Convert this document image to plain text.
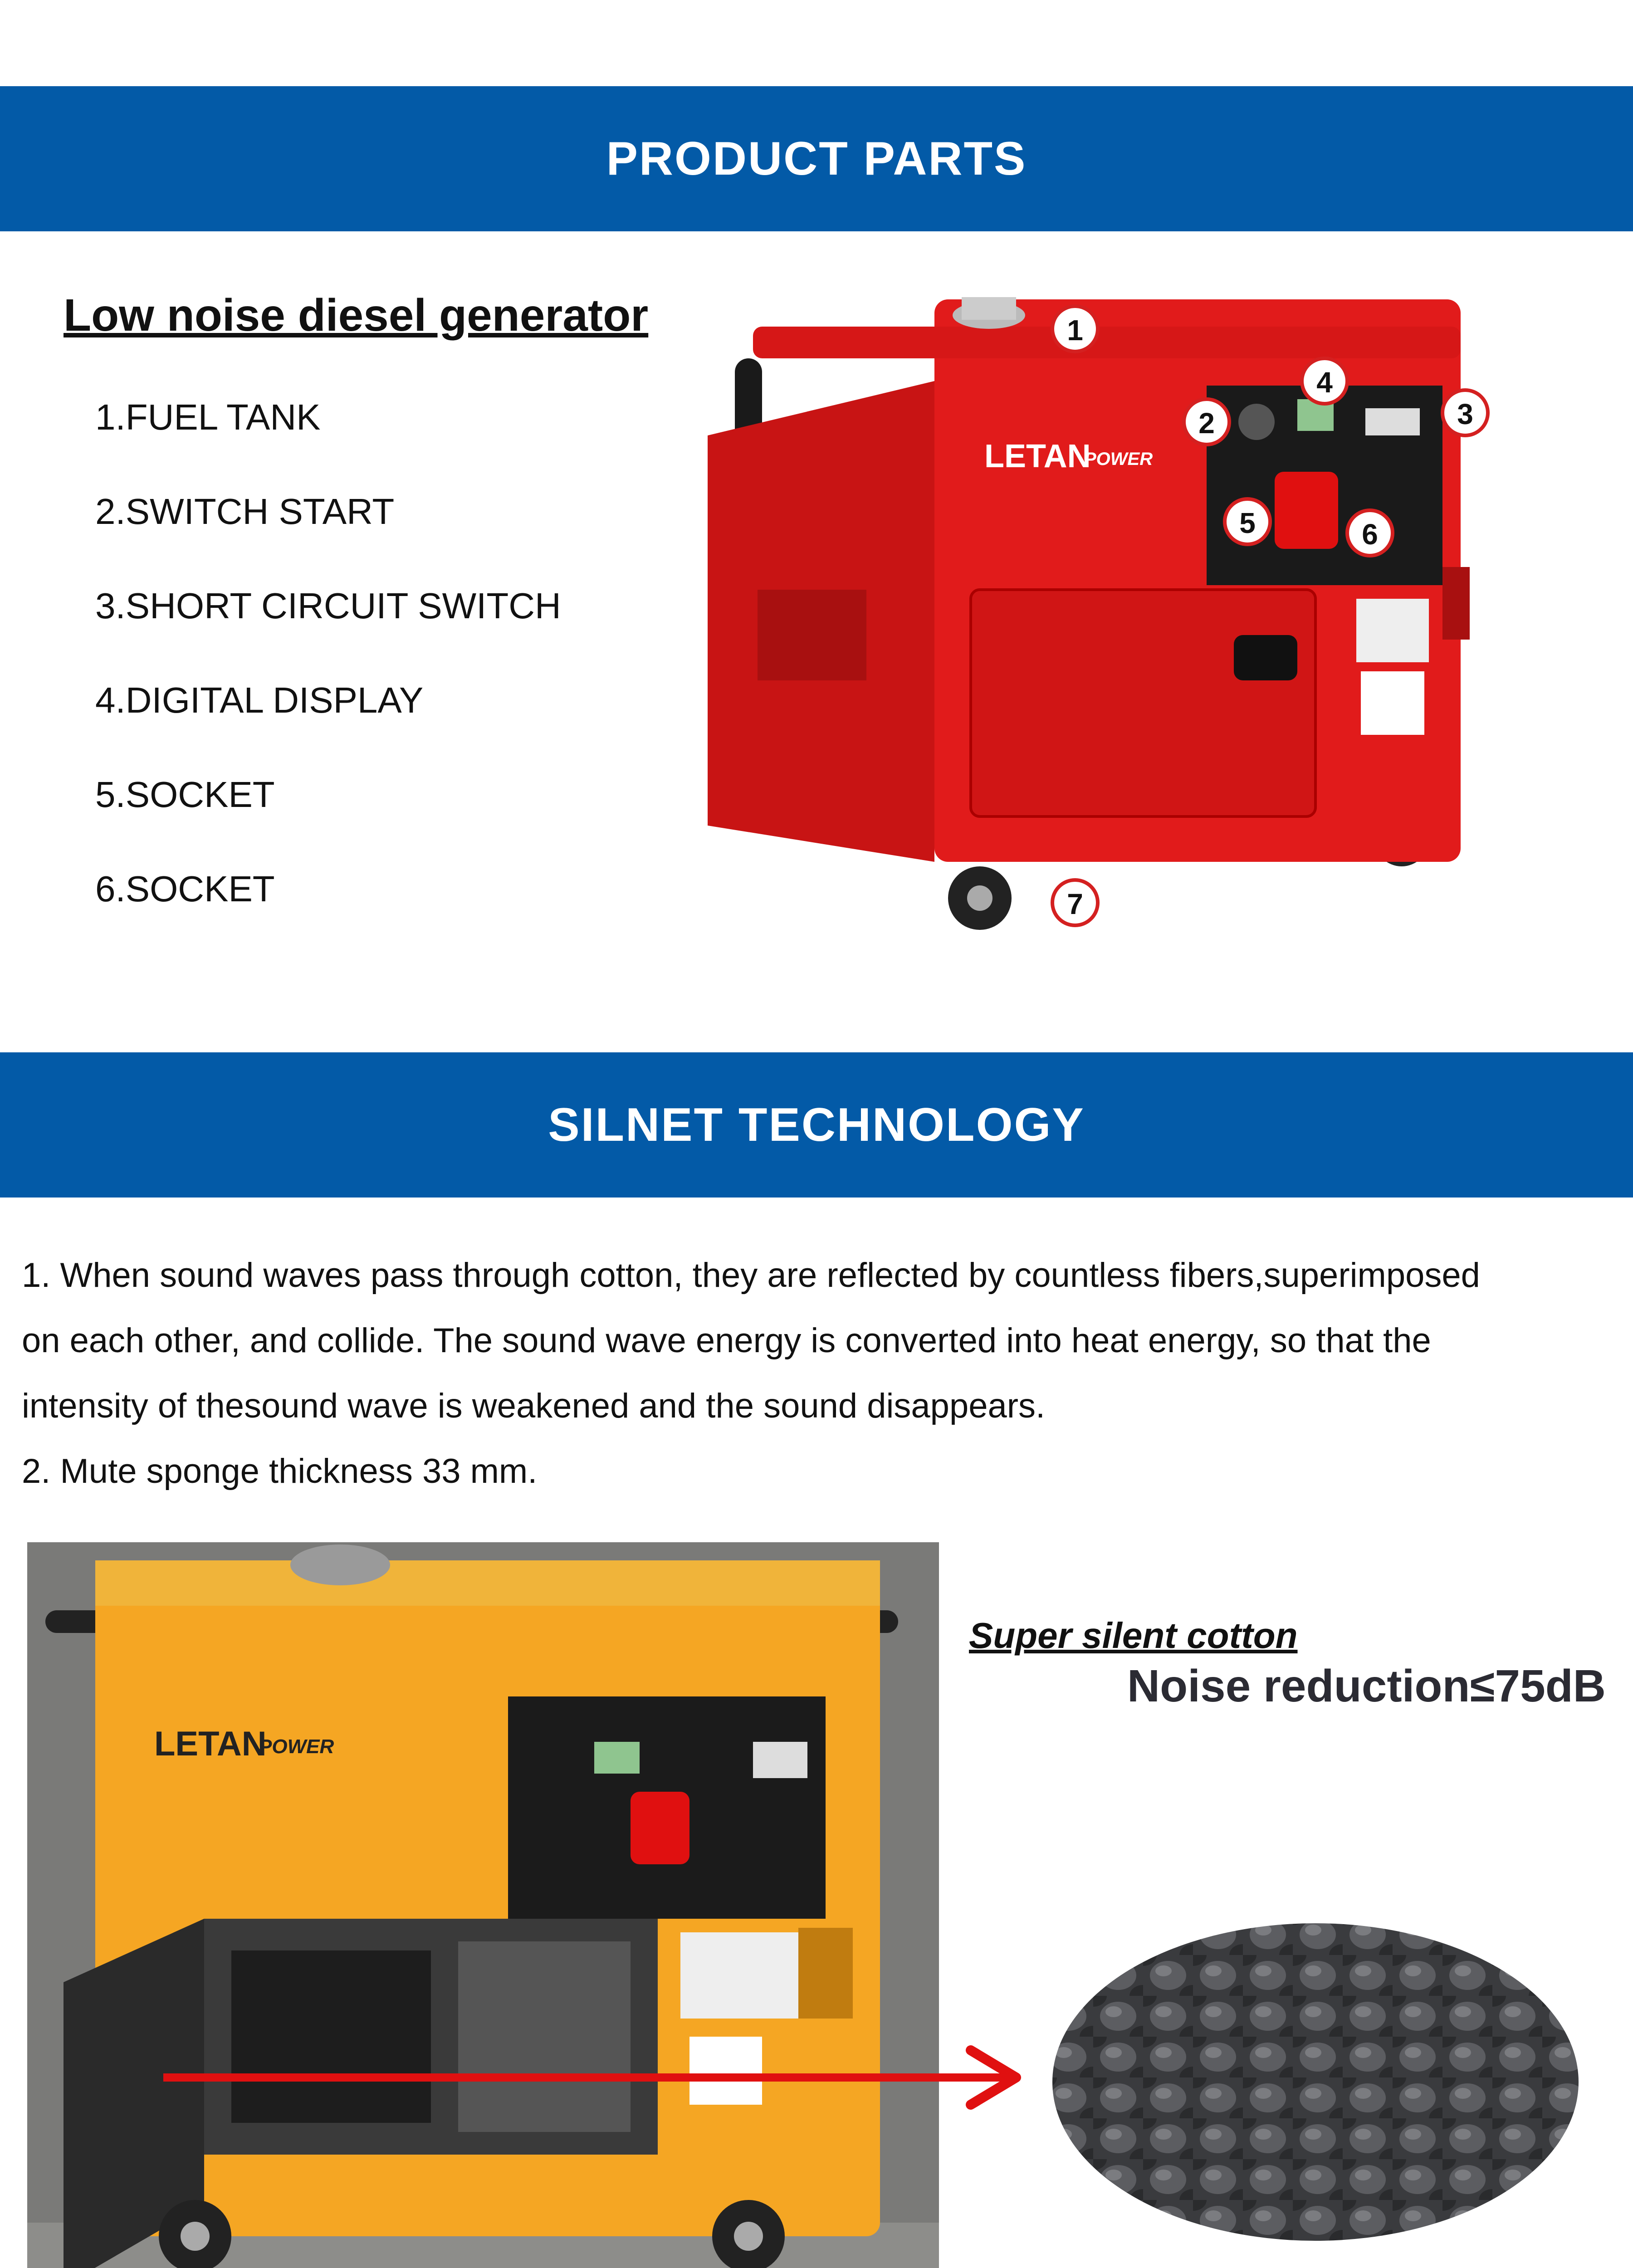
PRODUCT PARTS
Low noise diesel generator
1.FUEL TANK
2.SWITCH START
3.SHORT CIRCUIT SWITCH
4.DIGITAL DISPLAY
5.SOCKET
6.SOCKET
LETAN
POWER
1
2	3
4
5	6
7
SILNET TECHNOLOGY

1. When sound waves pass through cotton, they are reflected by countless fibers,superimposed

on each other, and collide. The sound wave energy is converted into heat energy, so that the

intensity of thesound wave is weakened and the sound disappears.

2. Mute sponge thickness 33 mm.

LETAN
POWER
Super silent cotton
Noise reduction≤75dB
